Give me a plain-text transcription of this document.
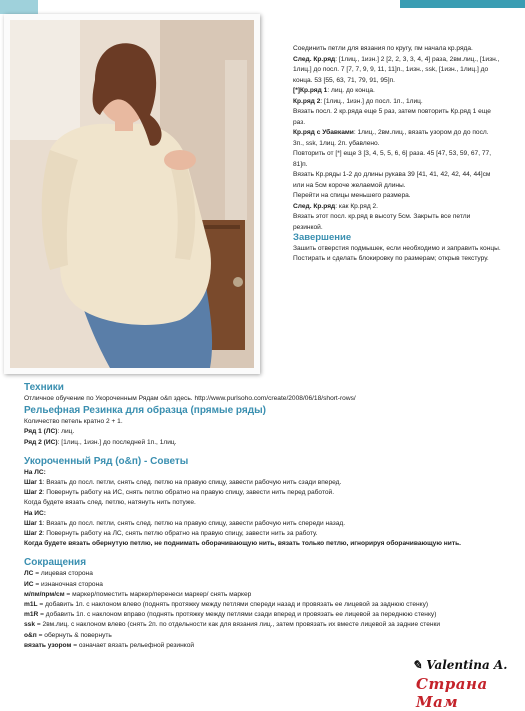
Соединить петли для вязания по кругу, пм начала кр.ряда.

След. Кр.ряд: [1лиц., 1изн.] 2 [2, 2, 3, 3, 4, 4] раза, 2вм.лиц., [1изн., 1лиц.] до посл. 7 [7, 7, 9, 9, 11, 11]п., 1изн., ssk, [1изн., 1лиц.] до конца. 53 [55, 63, 71, 79, 91, 95]п.

[*]Кр.ряд 1: лиц. до конца.

Кр.ряд 2: [1лиц., 1изн.] до посл. 1п., 1лиц.

Вязать посл. 2 кр.ряда еще 5 раз, затем повторить Кр.ряд 1 еще раз.

Кр.ряд с Убавками: 1лиц., 2вм.лиц., вязать узором до до посл. 3п., ssk, 1лиц. 2п. убавлено.

Повторить от [*] еще 3 [3, 4, 5, 5, 6, 6] раза. 45 [47, 53, 59, 67, 77, 81]п.

Вязать Кр.ряды 1-2 до длины рукава 39 [41, 41, 42, 42, 44, 44]см или на 5см короче желаемой длины.

Перейти на спицы меньшего размера.

След. Кр.ряд: как Кр.ряд 2.

Вязать этот посл. кр.ряд в высоту 5см. Закрыть все петли резинкой.

Завершение

Зашить отверстия подмышек, если необходимо и заправить концы.

Постирать и сделать блокировку по размерам; открыв текстуру.

Техники

Отличное обучение по Укороченным Рядам о&п здесь. http://www.purlsoho.com/create/2008/06/18/short-rows/

Рельефная Резинка для образца (прямые ряды)

Количество петель кратно 2 + 1.

Ряд 1 (ЛС): лиц.

Ряд 2 (ИС): [1лиц., 1изн.] до последней 1п., 1лиц.

Укороченный Ряд (о&п) - Советы

На ЛС:

Шаг 1: Вязать до посл. петли, снять след. петлю на правую спицу, завести рабочую нить сзади вперед.

Шаг 2: Повернуть работу на ИС, снять петлю обратно на правую спицу, завести нить перед работой.

Когда будете вязать след. петлю, натянуть нить потуже.

На ИС:

Шаг 1: Вязать до посл. петли, снять след. петлю на правую спицу, завести рабочую нить спереди назад.

Шаг 2: Повернуть работу на ЛС, снять петлю обратно на правую спицу, завести нить за работу.

Когда будете вязать обернутую петлю, не поднимать оборачивающую нить, вязать только петлю, игнорируя оборачивающую нить.

Сокращения

ЛС = лицевая сторона

ИС = изнаночная сторона

м/пм/прм/см = маркер/поместить маркер/перенеси маркер/ снять маркер

m1L = добавить 1п. с наклоном влево (поднять протяжку между петлями спереди назад и провязать ее лицевой за заднюю стенку)

m1R = добавить 1п. с наклоном вправо (поднять протяжку между петлями сзади вперед и провязать ее лицевой за переднюю стенку)

ssk = 2вм.лиц. с наклоном влево (снять 2п. по отдельности как для вязания лиц., затем провязать их вместе лицевой за задние стенки

о&п = обернуть & повернуть

вязать узором = означает вязать рельефной резинкой

✎ Valentina A.
Страна Мам
